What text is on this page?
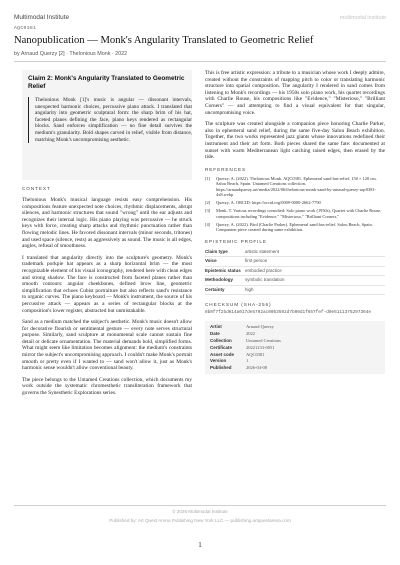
Multimodal Institute	multimodal institute
AQC0381
Nanopublication — Monk's Angularity Translated to Geometric Relief
by Arnaud Querzy [2] · Thelonious Monk · 2022
Claim 2: Monk's Angularity Translated to Geometric Relief
Thelonious Monk [1]'s music is angular — dissonant intervals, unexpected harmonic choices, percussive piano attack. I translated that angularity into geometric sculptural form: the sharp brim of his hat, faceted planes defining the face, piano keys rendered as rectangular blocks. Sand enforces simplification — no fine detail survives the medium's granularity. Bold shapes carved in relief, visible from distance, matching Monk's uncompromising aesthetic.
CONTEXT

Thelonious Monk's musical language resists easy comprehension. His compositions feature unexpected note choices, rhythmic displacements, abrupt silences, and harmonic structures that sound "wrong" until the ear adjusts and recognizes their internal logic. His piano playing was percussive — he struck keys with force, creating sharp attacks and rhythmic punctuation rather than flowing melodic lines. He favored dissonant intervals (minor seconds, tritones) and used space (silence, rests) as aggressively as sound. The music is all edges, angles, refusal of smoothness.

I translated that angularity directly into the sculpture's geometry. Monk's trademark porkpie hat appears as a sharp horizontal brim — the most recognizable element of his visual iconography, rendered here with clean edges and strong shadow. The face is constructed from faceted planes rather than smooth contours: angular cheekbones, defined brow line, geometric simplification that echoes Cubist portraiture but also reflects sand's resistance to organic curves. The piano keyboard — Monk's instrument, the source of his percussive attack — appears as a series of rectangular blocks at the composition's lower register, abstracted but unmistakable.

Sand as a medium matched the subject's aesthetic. Monk's music doesn't allow for decorative flourish or sentimental gesture — every note serves structural purpose. Similarly, sand sculpture at monumental scale cannot sustain fine detail or delicate ornamentation. The material demands bold, simplified forms. What might seem like limitation becomes alignment: the medium's constraints mirror the subject's uncompromising approach. I couldn't make Monk's portrait smooth or pretty even if I wanted to — sand won't allow it, just as Monk's harmonic sense wouldn't allow conventional beauty.

The piece belongs to the Untamed Creations collection, which documents my work outside the systematic chromesthetic transliteration framework that governs the Synesthetic Explorations series.

This is free artistic expression: a tribute to a musician whose work I deeply admire, created without the constraints of mapping pitch to color or translating harmonic structure into spatial composition. The angularity I rendered in sand comes from listening to Monk's recordings — his 1950s solo piano work, his quartet recordings with Charlie Rouse, his compositions like "Evidence," "Misterioso," "Brilliant Corners" — and attempting to find a visual equivalent for that singular, uncompromising voice.

The sculpture was created alongside a companion piece honoring Charlie Parker, also in ephemeral sand relief, during the same five-day Salou Beach exhibition. Together, the two works represented jazz giants whose innovations redefined their instrument and their art form. Both pieces shared the same fate: documented at sunset with warm Mediterranean light catching raised edges, then erased by the tide.

REFERENCES
[1]	Querzy, A. (2022). Thelonious Monk. AQC0381. Ephemeral sand bas-relief, 150 × 120 cm. Salou Beach, Spain. Untamed Creations collection. https://arnaudquerzy.art/media/2022/06/thelonious-monk-sand-by-arnaud-querzy-aqc0381-4x8.webp
[2]	Querzy, A. ORCID: https://orcid.org/0009-0000-2662-7790
[3]	Monk, T. Various recordings consulted: Solo piano work (1950s), Quartet with Charlie Rouse, compositions including "Evidence," "Misterioso," "Brilliant Corners."
[4]	Querzy, A. (2022). Bird (Charlie Parker). Ephemeral sand bas-relief. Salou Beach, Spain. Companion piece created during same exhibition.
EPISTEMIC PROFILE
Claim type	artistic statement
Voice	first person
Epistemic status	embodied practice
Methodology	symbolic translation
Certainty	high
CHECKSUM (SHA-256)
8b0f7f2bd614a017de5792ac0053592d7b00d1f657fef-d0e5111375297364e
Artist	Arnaud Querzy
Date	2022
Collection	Untamed Creations
Certificate	20221233-0051
Asset code	AQC0381
Version	1
Published	2026-04-08
© 2026 Multimodal Institute
Published by: Art Quest Arena Publishing New York LLC — publishing.artquestarena.com
1
